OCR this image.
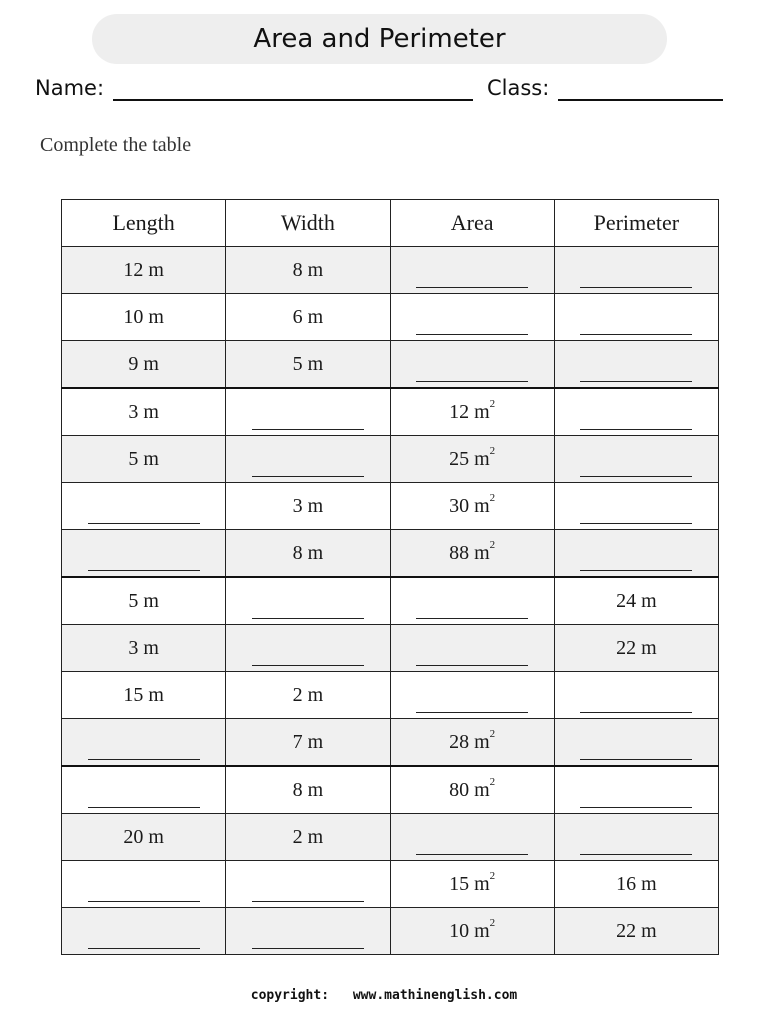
Area and Perimeter
Name:	Class:
Complete the table
Length	Width	Area	Perimeter
12 m	8 m		
10 m	6 m		
9 m	5 m		
3 m		12 $m^2$	
5 m		25 $m^2$	
	3 m	30 $m^2$	
	8 m	88 $m^2$	
5 m			24 m
3 m			22 m
15 m	2 m		
	7 m	28 $m^2$	
	8 m	80 $m^2$	
20 m	2 m		
		15 $m^2$	16 m
		10 $m^2$	22 m
copyright: www.mathinenglish.com
